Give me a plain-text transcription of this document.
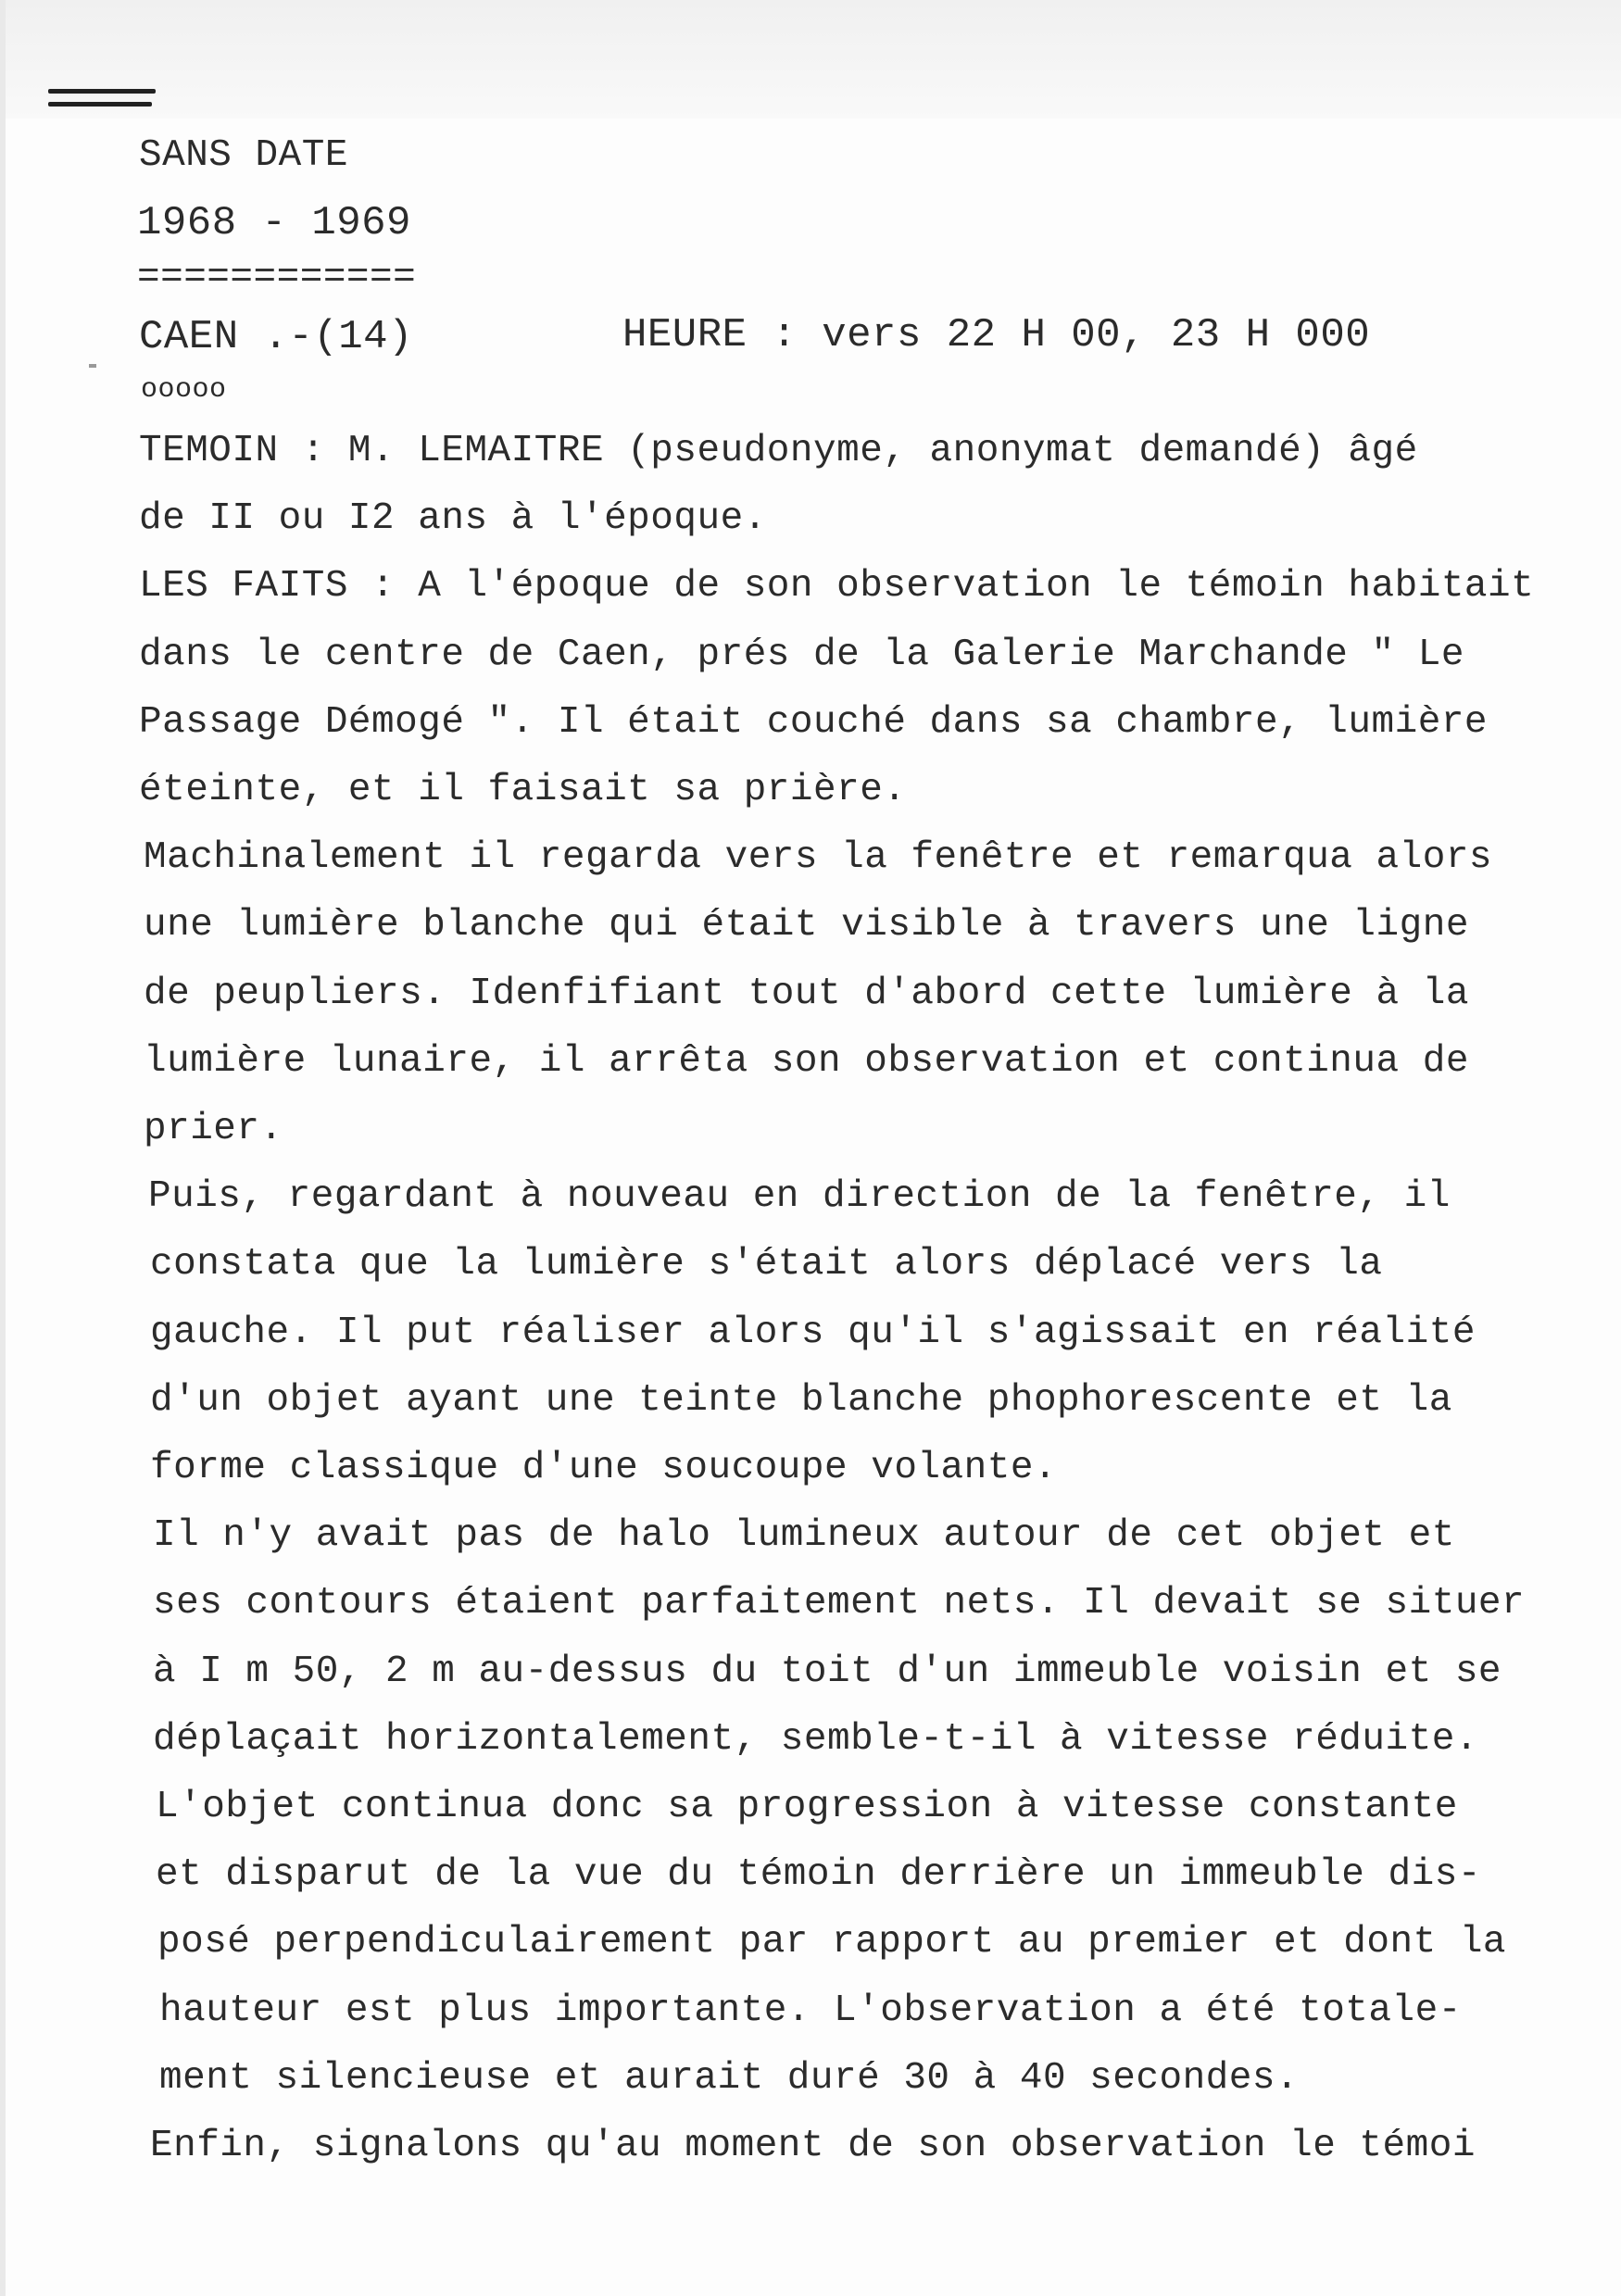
SANS DATE

1968 - 1969

============

CAEN .-(14)	HEURE : vers 22 H 00, 23 H 000

ooooo

TEMOIN : M. LEMAITRE (pseudonyme, anonymat demandé) âgé

de II ou I2 ans à l'époque.

LES FAITS : A l'époque de son observation le témoin habitait

dans le centre de Caen, prés de la Galerie Marchande " Le

Passage Démogé ". Il était couché dans sa chambre, lumière

éteinte, et il faisait sa prière.

Machinalement il regarda vers la fenêtre et remarqua alors

une lumière blanche qui était visible à travers une ligne

de peupliers. Idenfifiant tout d'abord cette lumière à la

lumière lunaire, il arrêta son observation et continua de

prier.

Puis, regardant à nouveau en direction de la fenêtre, il

constata que la lumière s'était alors déplacé vers la

gauche. Il put réaliser alors qu'il s'agissait en réalité

d'un objet ayant une teinte blanche phophorescente et la

forme classique d'une soucoupe volante.

Il n'y avait pas de halo lumineux autour de cet objet et

ses contours étaient parfaitement nets. Il devait se situer

à I m 50, 2 m au-dessus du toit d'un immeuble voisin et se

déplaçait horizontalement, semble-t-il à vitesse réduite.

L'objet continua donc sa progression à vitesse constante

et disparut de la vue du témoin derrière un immeuble dis-

posé perpendiculairement par rapport au premier et dont la

hauteur est plus importante. L'observation a été totale-

ment silencieuse et aurait duré 30 à 40 secondes.

Enfin, signalons qu'au moment de son observation le témoi
